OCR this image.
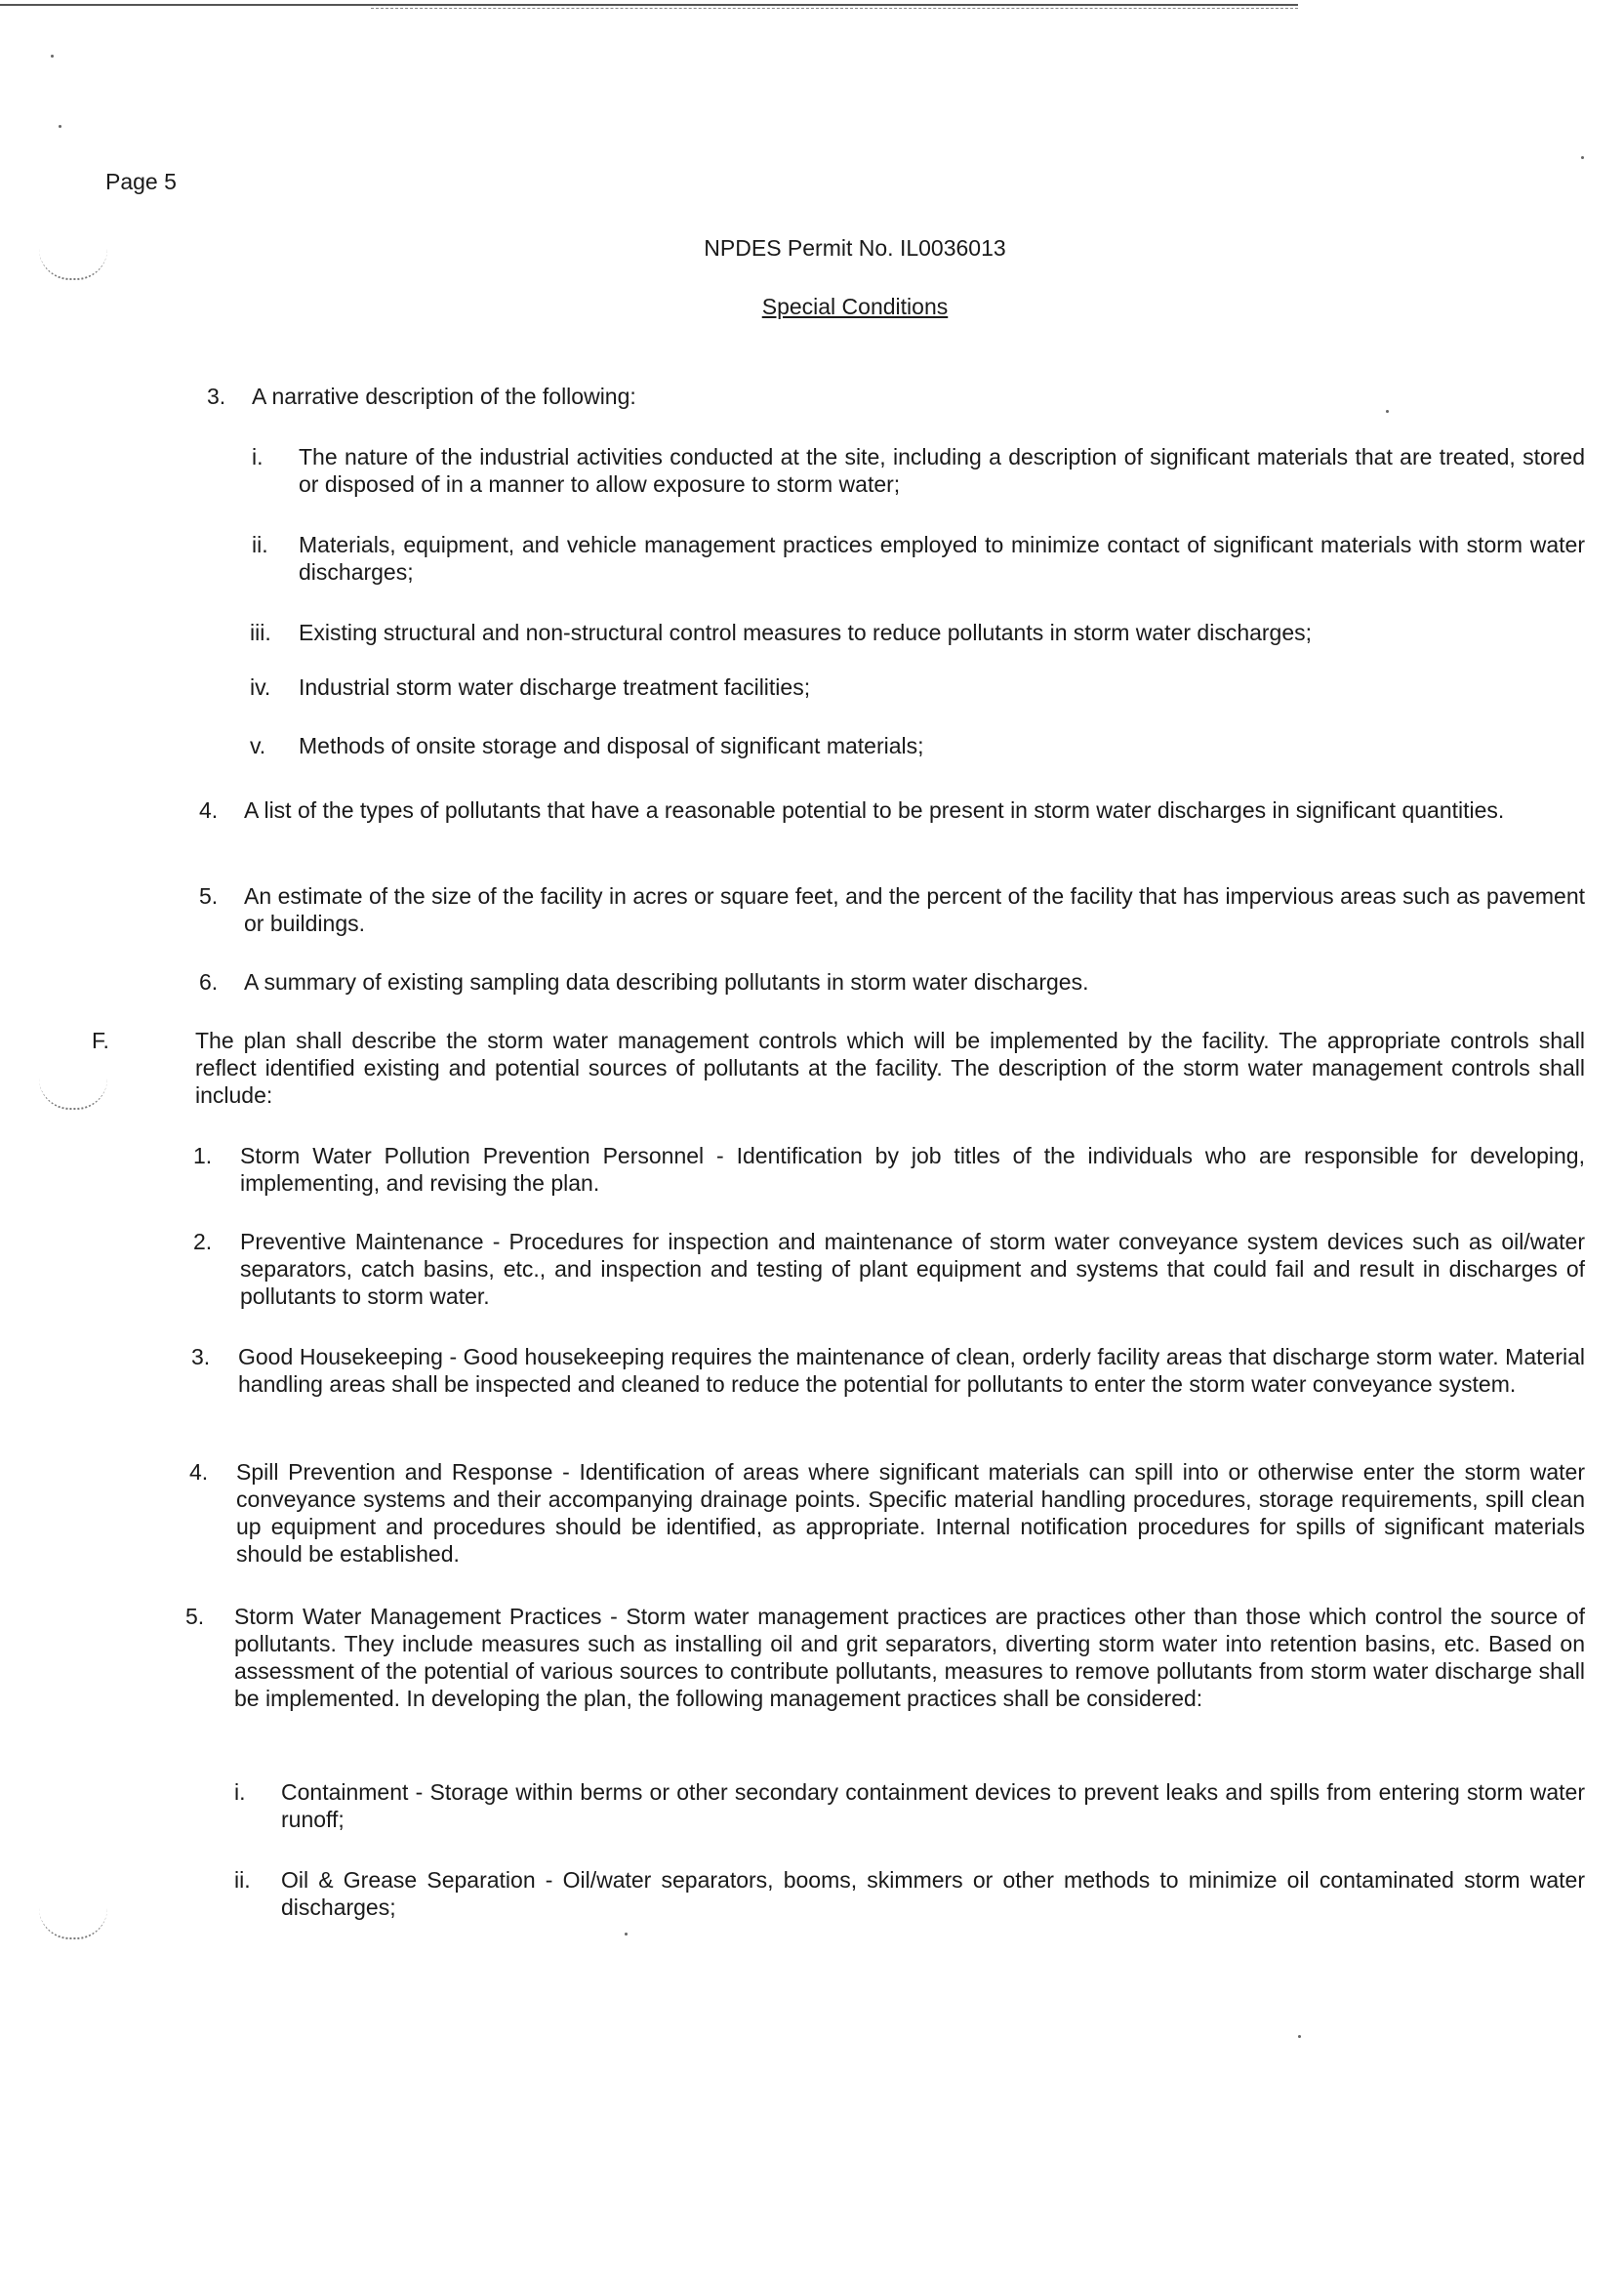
Page 5
NPDES Permit No. IL0036013
Special Conditions
3. A narrative description of the following:
i. The nature of the industrial activities conducted at the site, including a description of significant materials that are treated, stored or disposed of in a manner to allow exposure to storm water;
ii. Materials, equipment, and vehicle management practices employed to minimize contact of significant materials with storm water discharges;
iii. Existing structural and non-structural control measures to reduce pollutants in storm water discharges;
iv. Industrial storm water discharge treatment facilities;
v. Methods of onsite storage and disposal of significant materials;
4. A list of the types of pollutants that have a reasonable potential to be present in storm water discharges in significant quantities.
5. An estimate of the size of the facility in acres or square feet, and the percent of the facility that has impervious areas such as pavement or buildings.
6. A summary of existing sampling data describing pollutants in storm water discharges.
F.	The plan shall describe the storm water management controls which will be implemented by the facility. The appropriate controls shall reflect identified existing and potential sources of pollutants at the facility. The description of the storm water management controls shall include:
1. Storm Water Pollution Prevention Personnel - Identification by job titles of the individuals who are responsible for developing, implementing, and revising the plan.
2. Preventive Maintenance - Procedures for inspection and maintenance of storm water conveyance system devices such as oil/water separators, catch basins, etc., and inspection and testing of plant equipment and systems that could fail and result in discharges of pollutants to storm water.
3. Good Housekeeping - Good housekeeping requires the maintenance of clean, orderly facility areas that discharge storm water. Material handling areas shall be inspected and cleaned to reduce the potential for pollutants to enter the storm water conveyance system.
4. Spill Prevention and Response - Identification of areas where significant materials can spill into or otherwise enter the storm water conveyance systems and their accompanying drainage points. Specific material handling procedures, storage requirements, spill clean up equipment and procedures should be identified, as appropriate. Internal notification procedures for spills of significant materials should be established.
5. Storm Water Management Practices - Storm water management practices are practices other than those which control the source of pollutants. They include measures such as installing oil and grit separators, diverting storm water into retention basins, etc. Based on assessment of the potential of various sources to contribute pollutants, measures to remove pollutants from storm water discharge shall be implemented. In developing the plan, the following management practices shall be considered:
i. Containment - Storage within berms or other secondary containment devices to prevent leaks and spills from entering storm water runoff;
ii. Oil & Grease Separation - Oil/water separators, booms, skimmers or other methods to minimize oil contaminated storm water discharges;
